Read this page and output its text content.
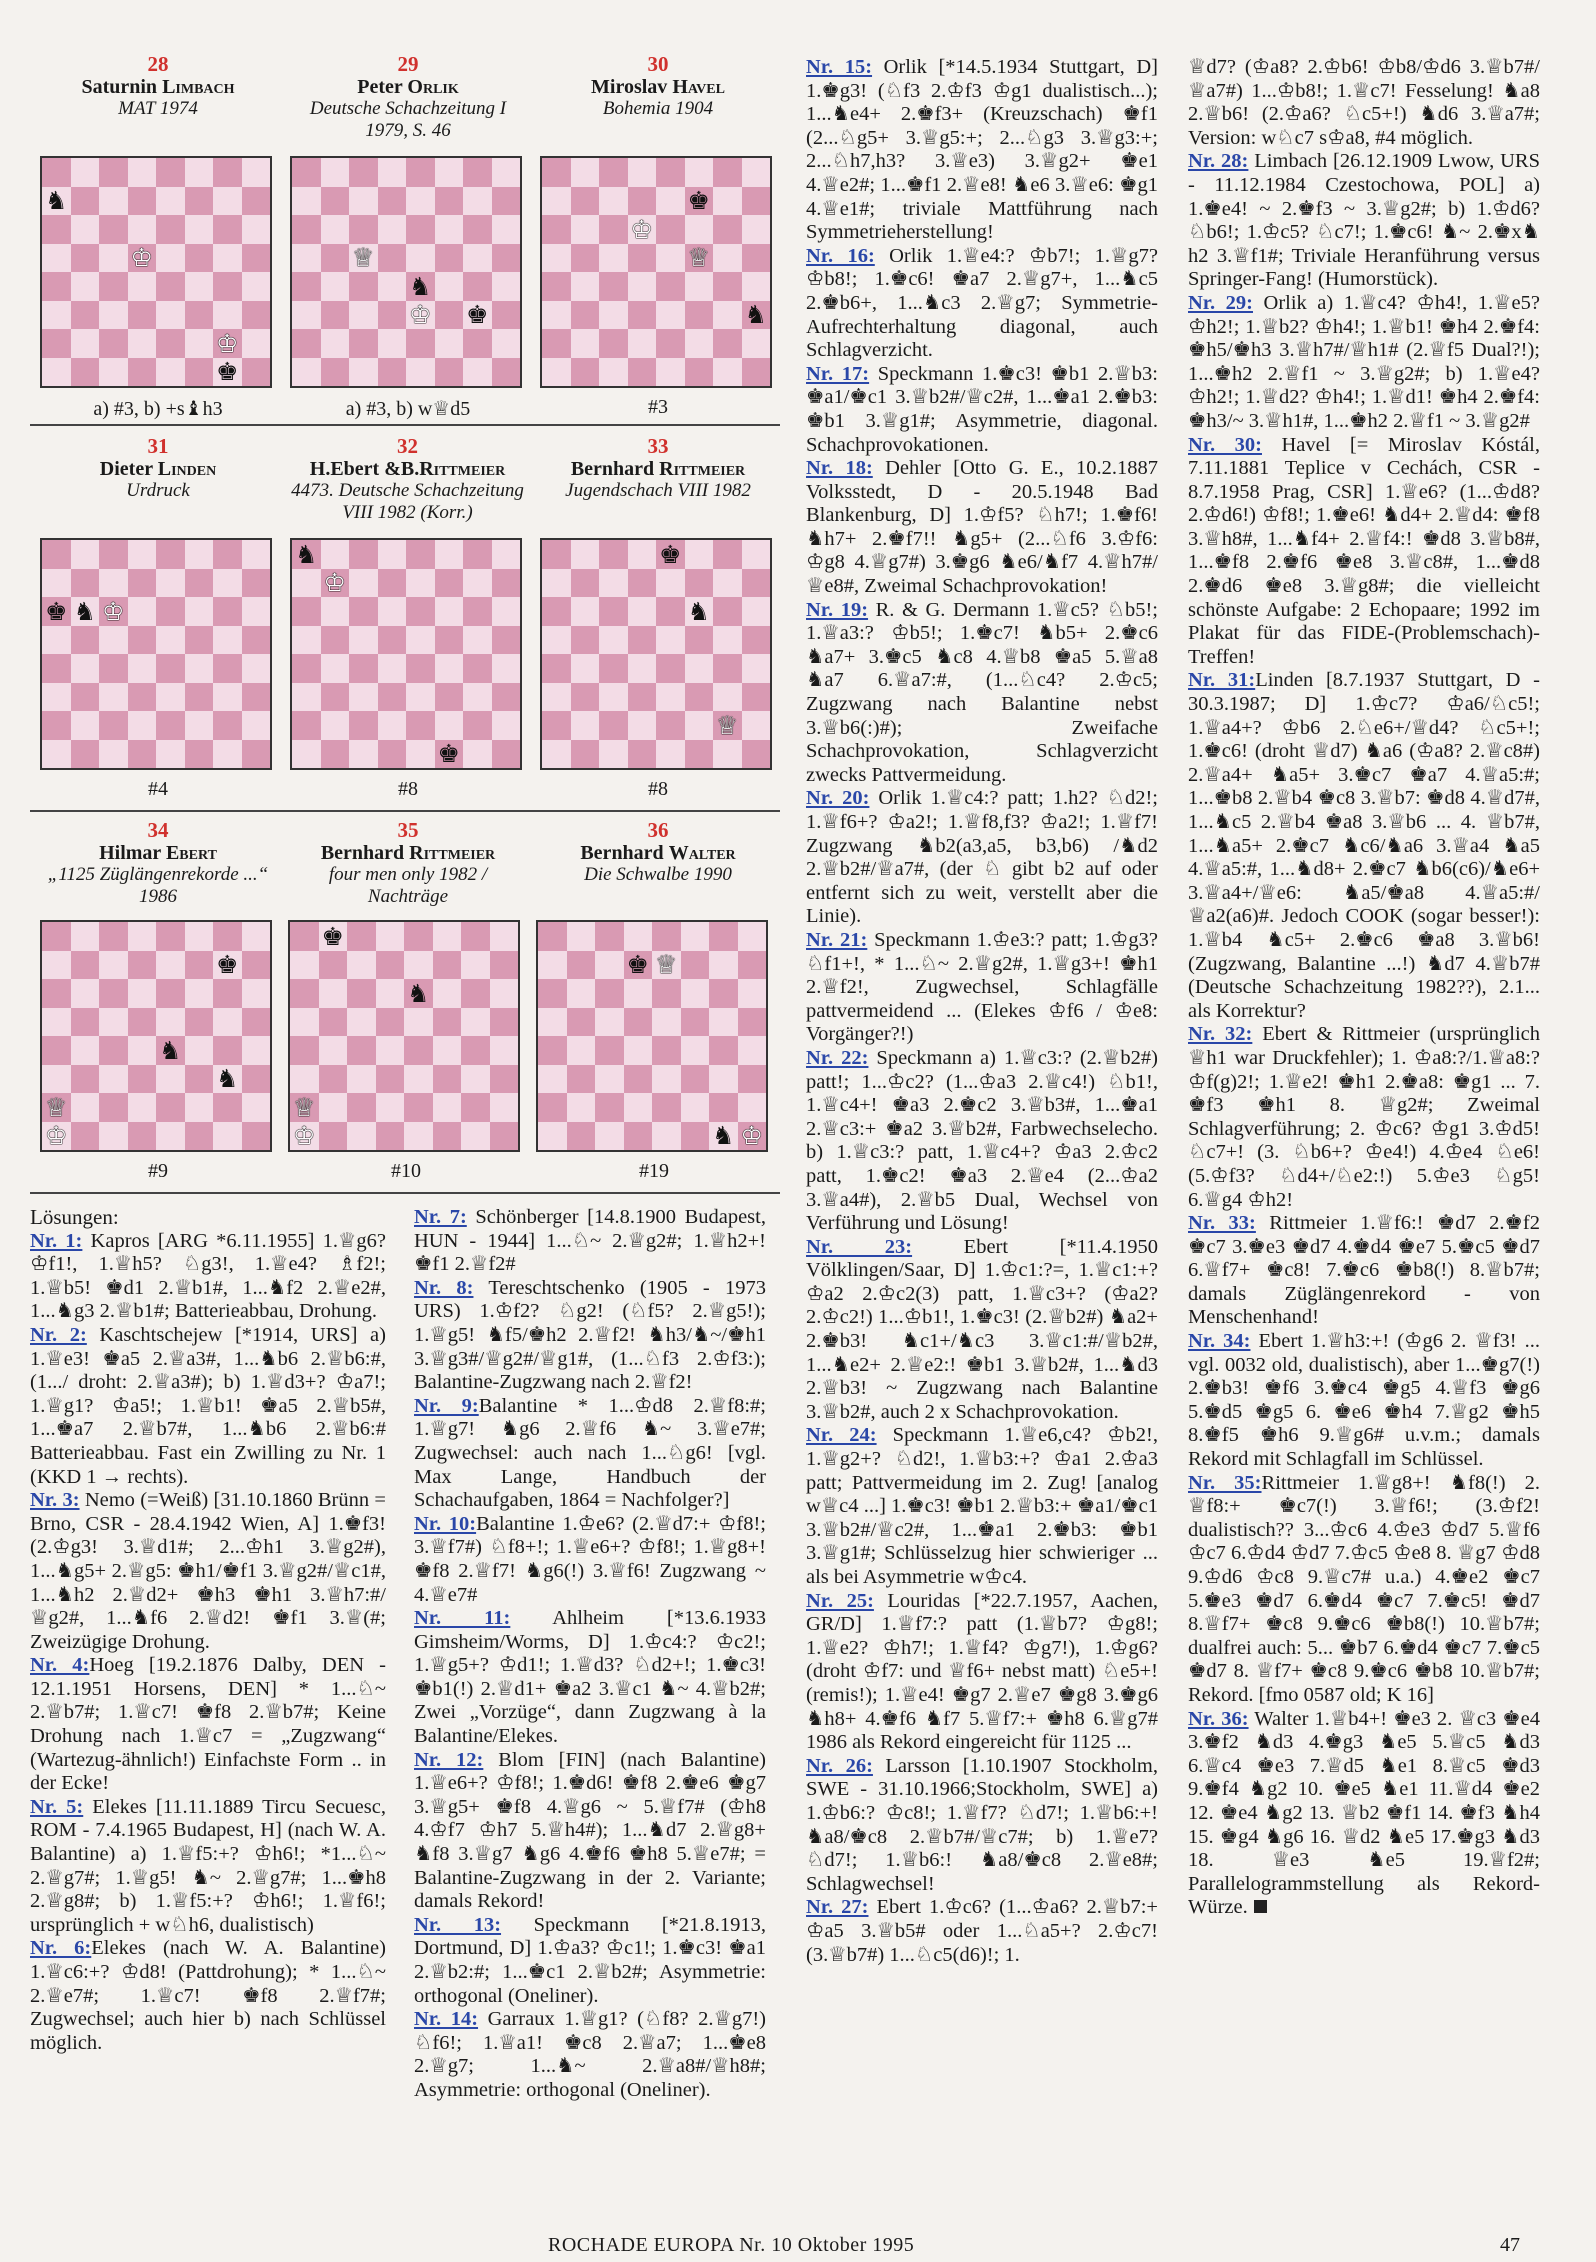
28
Saturnin Limbach
MAT 1974
29
Peter Orlik
Deutsche Schachzeitung I 1979, S. 46
30
Miroslav Havel
Bohemia 1904
♞
♔
♔
♚
♕
♞
♔ ♚
♚
♔
♕
♞
a) #3, b) +s♝h3	a) #3, b) w♕d5	#3
31
Dieter Linden
Urdruck
32
H.Ebert &B.Rittmeier
4473. Deutsche Schachzeitung VIII 1982 (Korr.)
33
Bernhard Rittmeier
Jugendschach VIII 1982
♚ ♞ ♔
♞
♔
♚
♚
♞
♕
#4	#8	#8
34
Hilmar Ebert
„1125 Züglängenrekorde ...“ 1986
35
Bernhard Rittmeier
four men only 1982 / Nachträge
36
Bernhard Walter
Die Schwalbe 1990
♚
♞
♞
♕
♔
♚
♞
♕
♔
♚ ♕
♞ ♔
#9	#10	#19

Lösungen:

Nr. 1: Kapros [ARG *6.11.1955] 1.♕g6? ♔f1!, 1.♕h5? ♘g3!, 1.♕e4? ♗f2!; 1.♕b5! ♚d1 2.♕b1#, 1...♞f2 2.♕e2#, 1...♞g3 2.♕b1#; Batterieabbau, Drohung.

Nr. 2: Kaschtschejew [*1914, URS] a) 1.♕e3! ♚a5 2.♕a3#, 1...♞b6 2.♕b6:#, (1.../ droht: 2.♕a3#); b) 1.♕d3+? ♔a7!; 1.♕g1? ♔a5!; 1.♕b1! ♚a5 2.♕b5#, 1...♚a7 2.♕b7#, 1...♞b6 2.♕b6:# Batterieabbau. Fast ein Zwilling zu Nr. 1 (KKD 1 → rechts).

Nr. 3: Nemo (=Weiß) [31.10.1860 Brünn = Brno, CSR - 28.4.1942 Wien, A] 1.♚f3! (2.♔g3! 3.♕d1#; 2...♔h1 3.♕g2#), 1...♞g5+ 2.♕g5: ♚h1/♚f1 3.♕g2#/♕c1#, 1...♞h2 2.♕d2+ ♚h3 ♚h1 3.♕h7:#/♕g2#, 1...♞f6 2.♕d2! ♚f1 3.♕(#; Zweizügige Drohung.

Nr. 4:Hoeg [19.2.1876 Dalby, DEN - 12.1.1951 Horsens, DEN] * 1...♘~ 2.♕b7#; 1.♕c7! ♚f8 2.♕b7#; Keine Drohung nach 1.♕c7 = „Zugzwang“ (Wartezug-ähnlich!) Einfachste Form .. in der Ecke!

Nr. 5: Elekes [11.11.1889 Tircu Secuesc, ROM - 7.4.1965 Budapest, H] (nach W. A. Balantine) a) 1.♕f5:+? ♔h6!; *1...♘~ 2.♕g7#; 1.♕g5! ♞~ 2.♕g7#; 1...♚h8 2.♕g8#; b) 1.♕f5:+? ♔h6!; 1.♕f6!; ursprünglich + w♘h6, dualistisch)

Nr. 6:Elekes (nach W. A. Balantine) 1.♕c6:+? ♔d8! (Pattdrohung); * 1...♘~ 2.♕e7#; 1.♕c7! ♚f8 2.♕f7#; Zugwechsel; auch hier b) nach Schlüssel möglich.

Nr. 7: Schönberger [14.8.1900 Budapest, HUN - 1944] 1...♘~ 2.♕g2#; 1.♕h2+! ♚f1 2.♕f2#

Nr. 8: Tereschtschenko (1905 - 1973 URS) 1.♔f2? ♘g2! (♘f5? 2.♕g5!); 1.♕g5! ♞f5/♚h2 2.♕f2! ♞h3/♞~/♚h1 3.♕g3#/♕g2#/♕g1#, (1...♘f3 2.♔f3:); Balantine-Zugzwang nach 2.♕f2!

Nr. 9:Balantine * 1...♔d8 2.♕f8:#; 1.♕g7! ♞g6 2.♕f6 ♞~ 3.♕e7#; Zugwechsel: auch nach 1...♘g6! [vgl. Max Lange, Handbuch der Schachaufgaben, 1864 = Nachfolger?]

Nr. 10:Balantine 1.♔e6? (2.♕d7:+ ♔f8!; 3.♕f7#) ♘f8+!; 1.♕e6+? ♔f8!; 1.♕g8+! ♚f8 2.♕f7! ♞g6(!) 3.♕f6! Zugzwang ~ 4.♕e7#

Nr. 11: Ahlheim [*13.6.1933 Gimsheim/Worms, D] 1.♔c4:? ♔c2!; 1.♕g5+? ♔d1!; 1.♕d3? ♘d2+!; 1.♚c3! ♚b1(!) 2.♕d1+ ♚a2 3.♕c1 ♞~ 4.♕b2#; Zwei „Vorzüge“, dann Zugzwang à la Balantine/Elekes.

Nr. 12: Blom [FIN] (nach Balantine) 1.♕e6+? ♔f8!; 1.♚d6! ♚f8 2.♚e6 ♚g7 3.♕g5+ ♚f8 4.♕g6 ~ 5.♕f7# (♔h8 4.♔f7 ♔h7 5.♕h4#); 1...♞d7 2.♕g8+ ♞f8 3.♕g7 ♞g6 4.♚f6 ♚h8 5.♕e7#; = Balantine-Zugzwang in der 2. Variante; damals Rekord!

Nr. 13: Speckmann [*21.8.1913, Dortmund, D] 1.♔a3? ♔c1!; 1.♚c3! ♚a1 2.♕b2:#; 1...♚c1 2.♕b2#; Asymmetrie: orthogonal (Oneliner).

Nr. 14: Garraux 1.♕g1? (♘f8? 2.♕g7!) ♘f6!; 1.♕a1! ♚c8 2.♕a7; 1...♚e8 2.♕g7; 1...♞~ 2.♕a8#/♕h8#; Asymmetrie: orthogonal (Oneliner).

Nr. 15: Orlik [*14.5.1934 Stuttgart, D] 1.♚g3! (♘f3 2.♔f3 ♔g1 dualistisch...); 1...♞e4+ 2.♚f3+ (Kreuzschach) ♚f1 (2...♘g5+ 3.♕g5:+; 2...♘g3 3.♕g3:+; 2...♘h7,h3? 3.♕e3) 3.♕g2+ ♚e1 4.♕e2#; 1...♚f1 2.♕e8! ♞e6 3.♕e6: ♚g1 4.♕e1#; triviale Mattführung nach Symmetrieherstellung!

Nr. 16: Orlik 1.♕e4:? ♔b7!; 1.♕g7? ♔b8!; 1.♚c6! ♚a7 2.♕g7+, 1...♞c5 2.♚b6+, 1...♞c3 2.♕g7; Symmetrie-Aufrechterhaltung diagonal, auch Schlagverzicht.

Nr. 17: Speckmann 1.♚c3! ♚b1 2.♕b3: ♚a1/♚c1 3.♕b2#/♕c2#, 1...♚a1 2.♚b3: ♚b1 3.♕g1#; Asymmetrie, diagonal. Schachprovokationen.

Nr. 18: Dehler [Otto G. E., 10.2.1887 Volksstedt, D - 20.5.1948 Bad Blankenburg, D] 1.♔f5? ♘h7!; 1.♚f6! ♞h7+ 2.♚f7!! ♞g5+ (2...♘f6 3.♔f6: ♔g8 4.♕g7#) 3.♚g6 ♞e6/♞f7 4.♕h7#/♕e8#, Zweimal Schachprovokation!

Nr. 19: R. & G. Dermann 1.♕c5? ♘b5!; 1.♕a3:? ♔b5!; 1.♚c7! ♞b5+ 2.♚c6 ♞a7+ 3.♚c5 ♞c8 4.♕b8 ♚a5 5.♕a8 ♞a7 6.♕a7:#, (1...♘c4? 2.♔c5; Zugzwang nach Balantine nebst 3.♕b6(:)#); Zweifache Schachprovokation, Schlagverzicht zwecks Pattvermeidung.

Nr. 20: Orlik 1.♕c4:? patt; 1.h2? ♘d2!; 1.♕f6+? ♔a2!; 1.♕f8,f3? ♔a2!; 1.♕f7! Zugzwang ♞b2(a3,a5, b3,b6) /♞d2 2.♕b2#/♕a7#, (der ♘ gibt b2 auf oder entfernt sich zu weit, verstellt aber die Linie).

Nr. 21: Speckmann 1.♔e3:? patt; 1.♔g3? ♘f1+!, * 1...♘~ 2.♕g2#, 1.♕g3+! ♚h1 2.♕f2!, Zugwechsel, Schlagfälle pattvermeidend ... (Elekes ♔f6 / ♔e8: Vorgänger?!)

Nr. 22: Speckmann a) 1.♕c3:? (2.♕b2#) patt!; 1...♔c2? (1...♔a3 2.♕c4!) ♘b1!, 1.♕c4+! ♚a3 2.♚c2 3.♕b3#, 1...♚a1 2.♕c3:+ ♚a2 3.♕b2#, Farbwechselecho. b) 1.♕c3:? patt, 1.♕c4+? ♔a3 2.♔c2 patt, 1.♚c2! ♚a3 2.♕e4 (2...♔a2 3.♕a4#), 2.♕b5 Dual, Wechsel von Verführung und Lösung!

Nr. 23: Ebert [*11.4.1950 Völklingen/Saar, D] 1.♔c1:?=, 1.♕c1:+? ♔a2 2.♔c2(3) patt, 1.♕c3+? (♔a2? 2.♔c2!) 1...♔b1!, 1.♚c3! (2.♕b2#) ♞a2+ 2.♚b3! ♞c1+/♞c3 3.♕c1:#/♕b2#, 1...♞e2+ 2.♕e2:! ♚b1 3.♕b2#, 1...♞d3 2.♕b3! ~ Zugzwang nach Balantine 3.♕b2#, auch 2 x Schachprovokation.

Nr. 24: Speckmann 1.♕e6,c4? ♔b2!, 1.♕g2+? ♘d2!, 1.♕b3:+? ♔a1 2.♔a3 patt; Pattvermeidung im 2. Zug! [analog w♕c4 ...] 1.♚c3! ♚b1 2.♕b3:+ ♚a1/♚c1 3.♕b2#/♕c2#, 1...♚a1 2.♚b3: ♚b1 3.♕g1#; Schlüsselzug hier schwieriger ... als bei Asymmetrie w♔c4.

Nr. 25: Louridas [*22.7.1957, Aachen, GR/D] 1.♕f7:? patt (1.♕b7? ♔g8!; 1.♕e2? ♔h7!; 1.♕f4? ♔g7!), 1.♔g6? (droht ♔f7: und ♕f6+ nebst matt) ♘e5+! (remis!); 1.♕e4! ♚g7 2.♕e7 ♚g8 3.♚g6 ♞h8+ 4.♚f6 ♞f7 5.♕f7:+ ♚h8 6.♕g7# 1986 als Rekord eingereicht für 1125 ...

Nr. 26: Larsson [1.10.1907 Stockholm, SWE - 31.10.1966;Stockholm, SWE] a) 1.♔b6:? ♔c8!; 1.♕f7? ♘d7!; 1.♕b6:+! ♞a8/♚c8 2.♕b7#/♕c7#; b) 1.♕e7? ♘d7!; 1.♕b6:! ♞a8/♚c8 2.♕e8#; Schlagwechsel!

Nr. 27: Ebert 1.♔c6? (1...♔a6? 2.♕b7:+ ♔a5 3.♕b5# oder 1...♘a5+? 2.♔c7! (3.♕b7#) 1...♘c5(d6)!; 1.

♕d7? (♔a8? 2.♔b6! ♔b8/♔d6 3.♕b7#/♕a7#) 1...♔b8!; 1.♕c7! Fesselung! ♞a8 2.♕b6! (2.♔a6? ♘c5+!) ♞d6 3.♕a7#; Version: w♘c7 s♔a8, #4 möglich.

Nr. 28: Limbach [26.12.1909 Lwow, URS - 11.12.1984 Czestochowa, POL] a) 1.♚e4! ~ 2.♚f3 ~ 3.♕g2#; b) 1.♔d6? ♘b6!; 1.♔c5? ♘c7!; 1.♚c6! ♞~ 2.♚x♞ h2 3.♕f1#; Triviale Heranführung versus Springer-Fang! (Humorstück).

Nr. 29: Orlik a) 1.♕c4? ♔h4!, 1.♕e5? ♔h2!; 1.♕b2? ♔h4!; 1.♕b1! ♚h4 2.♚f4: ♚h5/♚h3 3.♕h7#/♕h1# (2.♕f5 Dual?!); 1...♚h2 2.♕f1 ~ 3.♕g2#; b) 1.♕e4? ♔h2!; 1.♕d2? ♔h4!; 1.♕d1! ♚h4 2.♚f4: ♚h3/~ 3.♕h1#, 1...♚h2 2.♕f1 ~ 3.♕g2#

Nr. 30: Havel [= Miroslav Kóstál, 7.11.1881 Teplice v Cechách, CSR - 8.7.1958 Prag, CSR] 1.♕e6? (1...♔d8? 2.♔d6!) ♔f8!; 1.♚e6! ♞d4+ 2.♕d4: ♚f8 3.♕h8#, 1...♞f4+ 2.♕f4:! ♚d8 3.♕b8#, 1...♚f8 2.♚f6 ♚e8 3.♕c8#, 1...♚d8 2.♚d6 ♚e8 3.♕g8#; die vielleicht schönste Aufgabe: 2 Echopaare; 1992 im Plakat für das FIDE-(Problemschach)-Treffen!

Nr. 31:Linden [8.7.1937 Stuttgart, D - 30.3.1987; D] 1.♔c7? ♔a6/♘c5!; 1.♕a4+? ♔b6 2.♘e6+/♕d4? ♘c5+!; 1.♚c6! (droht ♕d7) ♞a6 (♔a8? 2.♕c8#) 2.♕a4+ ♞a5+ 3.♚c7 ♚a7 4.♕a5:#; 1...♚b8 2.♕b4 ♚c8 3.♕b7: ♚d8 4.♕d7#, 1...♞c5 2.♕b4 ♚a8 3.♕b6 ... 4. ♕b7#, 1...♞a5+ 2.♚c7 ♞c6/♞a6 3.♕a4 ♞a5 4.♕a5:#, 1...♞d8+ 2.♚c7 ♞b6(c6)/♞e6+ 3.♕a4+/♕e6: ♞a5/♚a8 4.♕a5:#/♕a2(a6)#. Jedoch COOK (sogar besser!): 1.♕b4 ♞c5+ 2.♚c6 ♚a8 3.♕b6! (Zugzwang, Balantine ...!) ♞d7 4.♕b7# (Deutsche Schachzeitung 1982??), 2.1... als Korrektur?

Nr. 32: Ebert & Rittmeier (ursprünglich ♕h1 war Druckfehler); 1. ♔a8:?/1.♕a8:? ♔f(g)2!; 1.♕e2! ♚h1 2.♚a8: ♚g1 ... 7. ♚f3 ♚h1 8. ♕g2#; Zweimal Schlagverführung; 2. ♔c6? ♔g1 3.♔d5! ♘c7+! (3. ♘b6+? ♔e4!) 4.♔e4 ♘e6! (5.♔f3? ♘d4+/♘e2:!) 5.♔e3 ♘g5! 6.♕g4 ♔h2!

Nr. 33: Rittmeier 1.♕f6:! ♚d7 2.♚f2 ♚c7 3.♚e3 ♚d7 4.♚d4 ♚e7 5.♚c5 ♚d7 6.♕f7+ ♚c8! 7.♚c6 ♚b8(!) 8.♕b7#; damals Züglängenrekord - von Menschenhand!

Nr. 34: Ebert 1.♕h3:+! (♔g6 2. ♕f3! ... vgl. 0032 old, dualistisch), aber 1...♚g7(!) 2.♚b3! ♚f6 3.♚c4 ♚g5 4.♕f3 ♚g6 5.♚d5 ♚g5 6. ♚e6 ♚h4 7.♕g2 ♚h5 8.♚f5 ♚h6 9.♕g6# u.v.m.; damals Rekord mit Schlagfall im Schlüssel.

Nr. 35:Rittmeier 1.♕g8+! ♞f8(!) 2. ♕f8:+ ♚c7(!) 3.♕f6!; (3.♔f2! dualistisch?? 3...♔c6 4.♔e3 ♔d7 5.♕f6 ♔c7 6.♔d4 ♔d7 7.♔c5 ♔e8 8. ♕g7 ♔d8 9.♔d6 ♔c8 9.♕c7# u.a.) 4.♚e2 ♚c7 5.♚e3 ♚d7 6.♚d4 ♚c7 7.♚c5! ♚d7 8.♕f7+ ♚c8 9.♚c6 ♚b8(!) 10.♕b7#; dualfrei auch: 5... ♚b7 6.♚d4 ♚c7 7.♚c5 ♚d7 8. ♕f7+ ♚c8 9.♚c6 ♚b8 10.♕b7#; Rekord. [fmo 0587 old; K 16]

Nr. 36: Walter 1.♕b4+! ♚e3 2. ♕c3 ♚e4 3.♚f2 ♞d3 4.♚g3 ♞e5 5.♕c5 ♞d3 6.♕c4 ♚e3 7.♕d5 ♞e1 8.♕c5 ♚d3 9.♚f4 ♞g2 10. ♚e5 ♞e1 11.♕d4 ♚e2 12. ♚e4 ♞g2 13. ♕b2 ♚f1 14. ♚f3 ♞h4 15. ♚g4 ♞g6 16. ♕d2 ♞e5 17.♚g3 ♞d3 18. ♕e3 ♞e5 19.♕f2#; Parallelogrammstellung als Rekord-Würze.

ROCHADE EUROPA Nr. 10 Oktober 1995	47
